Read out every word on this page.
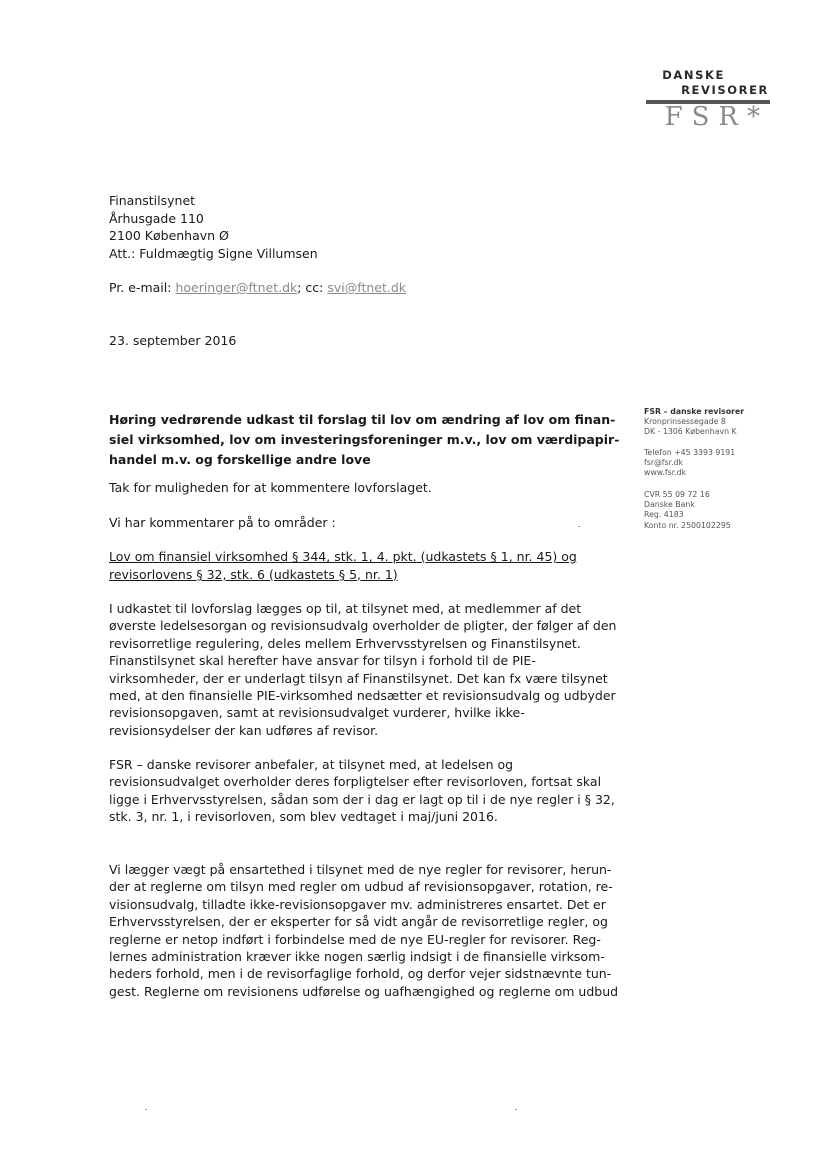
DANSKE
REVISORER
FSR*
Finanstilsynet
Århusgade 110
2100 København Ø
Att.: Fuldmægtig Signe Villumsen
Pr. e-mail: hoeringer@ftnet.dk; cc: svi@ftnet.dk
23. september 2016
Høring vedrørende udkast til forslag til lov om ændring af lov om finan-
siel virksomhed, lov om investeringsforeninger m.v., lov om værdipapir-
handel m.v. og forskellige andre love
Tak for muligheden for at kommentere lovforslaget.
Vi har kommentarer på to områder :
Lov om finansiel virksomhed § 344, stk. 1, 4. pkt. (udkastets § 1, nr. 45) og
revisorlovens § 32, stk. 6 (udkastets § 5, nr. 1)
I udkastet til lovforslag lægges op til, at tilsynet med, at medlemmer af det
øverste ledelsesorgan og revisionsudvalg overholder de pligter, der følger af den
revisorretlige regulering, deles mellem Erhvervsstyrelsen og Finanstilsynet.
Finanstilsynet skal herefter have ansvar for tilsyn i forhold til de PIE-
virksomheder, der er underlagt tilsyn af Finanstilsynet. Det kan fx være tilsynet
med, at den finansielle PIE-virksomhed nedsætter et revisionsudvalg og udbyder
revisionsopgaven, samt at revisionsudvalget vurderer, hvilke ikke-
revisionsydelser der kan udføres af revisor.
FSR – danske revisorer anbefaler, at tilsynet med, at ledelsen og
revisionsudvalget overholder deres forpligtelser efter revisorloven, fortsat skal
ligge i Erhvervsstyrelsen, sådan som der i dag er lagt op til i de nye regler i § 32,
stk. 3, nr. 1, i revisorloven, som blev vedtaget i maj/juni 2016.
Vi lægger vægt på ensartethed i tilsynet med de nye regler for revisorer, herun-
der at reglerne om tilsyn med regler om udbud af revisionsopgaver, rotation, re-
visionsudvalg, tilladte ikke-revisionsopgaver mv. administreres ensartet. Det er
Erhvervsstyrelsen, der er eksperter for så vidt angår de revisorretlige regler, og
reglerne er netop indført i forbindelse med de nye EU-regler for revisorer. Reg-
lernes administration kræver ikke nogen særlig indsigt i de finansielle virksom-
heders forhold, men i de revisorfaglige forhold, og derfor vejer sidstnævnte tun-
gest. Reglerne om revisionens udførelse og uafhængighed og reglerne om udbud
FSR – danske revisorer
Kronprinsessegade 8
DK - 1306 København K
Telefon +45 3393 9191
fsr@fsr.dk
www.fsr.dk
CVR 55 09 72 16
Danske Bank
Reg. 4183
Konto nr. 2500102295
